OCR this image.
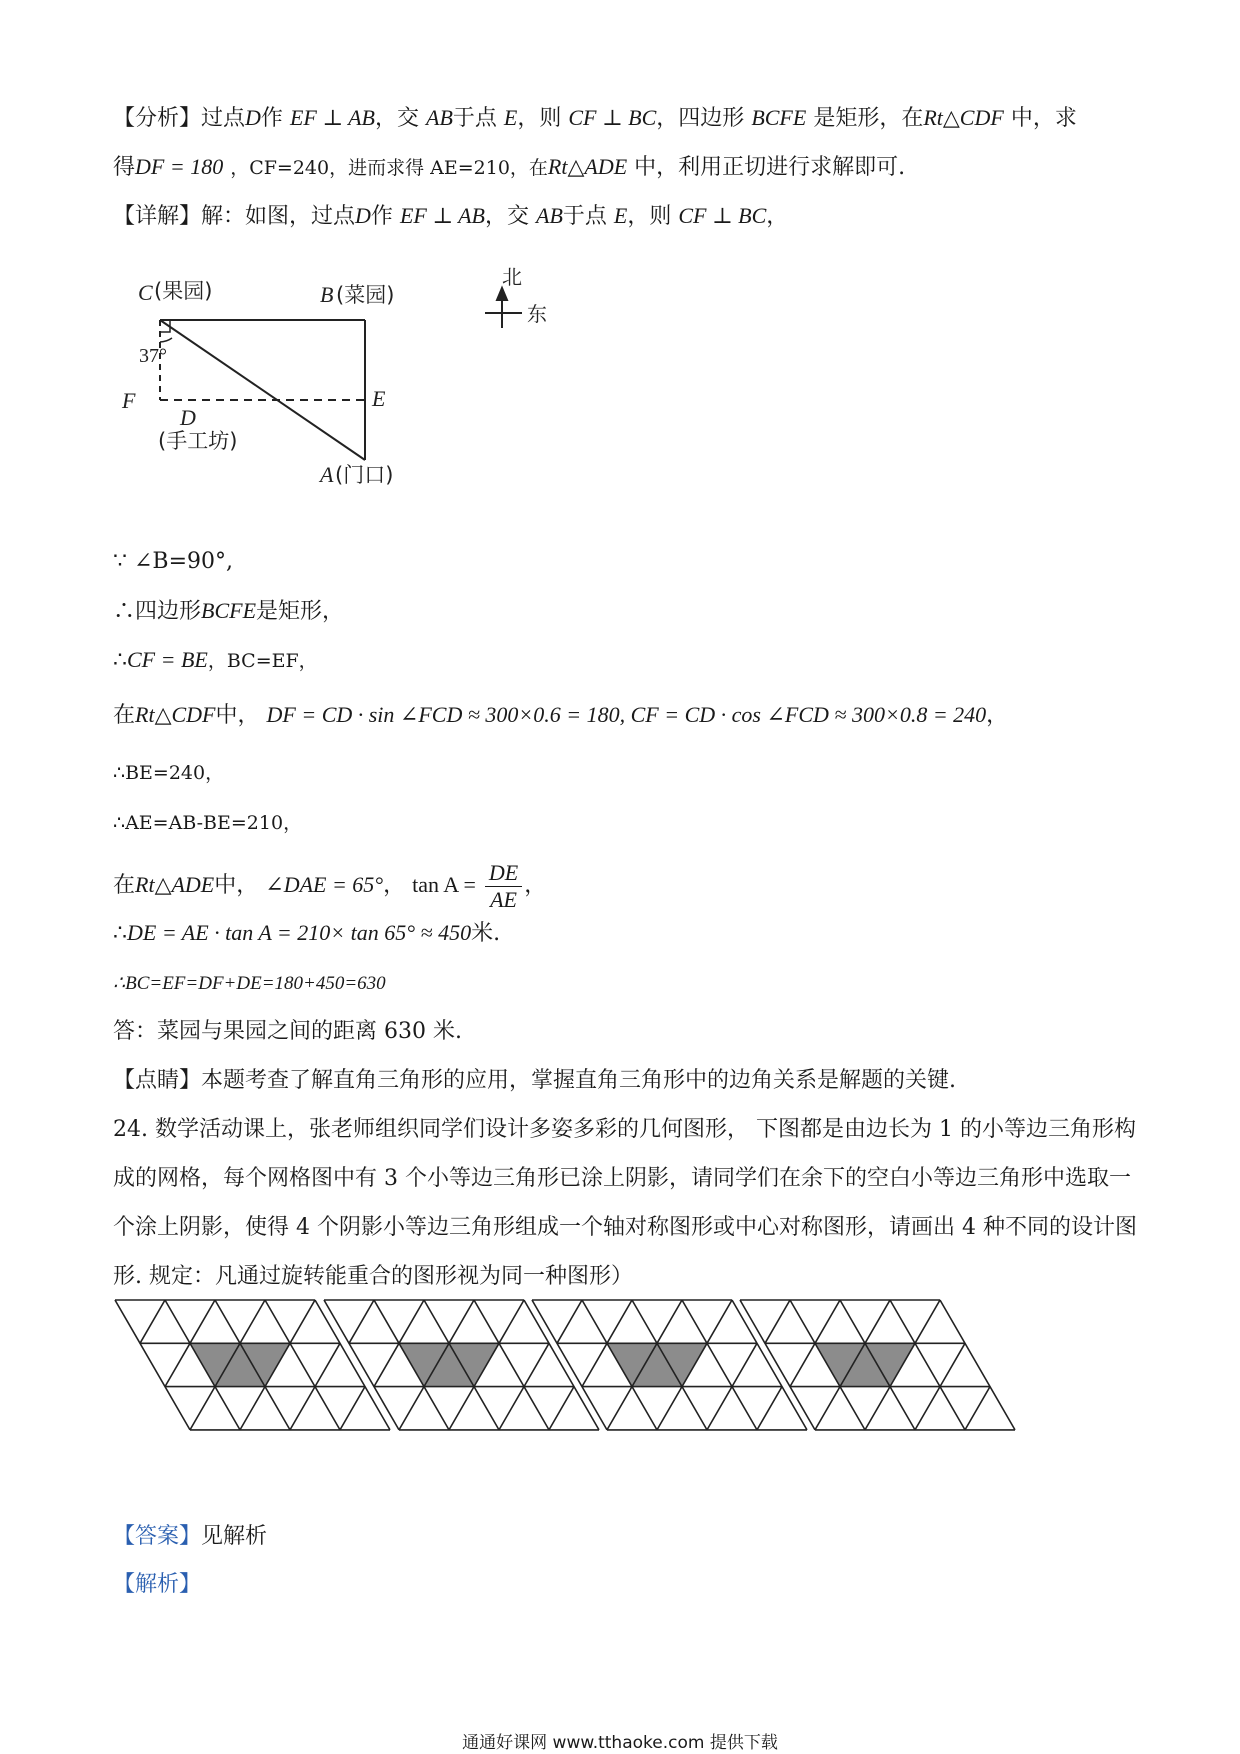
【分析】过点D作 EF ⊥ AB，交 AB于点 E，则 CF ⊥ BC，四边形 BCFE 是矩形，在Rt△CDF 中，求
得DF = 180 ，CF=240，进而求得 AE=210，在Rt△ADE 中，利用正切进行求解即可.
【详解】解：如图，过点D作 EF ⊥ AB，交 AB于点 E，则 CF ⊥ BC，
C (果园)	B (菜园)
37°
F
D
(手工坊)
E
A (门口)
北
东
∵ ∠B=90°,
∴四边形BCFE是矩形，
∴CF = BE，BC=EF，
在Rt△CDF中， DF = CD · sin ∠FCD ≈ 300×0.6 = 180, CF = CD · cos ∠FCD ≈ 300×0.8 = 240，
∴BE=240，
∴AE=AB-BE=210，
在Rt△ADE中， ∠DAE = 65°， $\tan A = \frac{DE}{AE}$ ，
∴DE = AE · tan A = 210× tan 65° ≈ 450米.
∴BC=EF=DF+DE=180+450=630
答：菜园与果园之间的距离 630 米.
【点睛】本题考查了解直角三角形的应用，掌握直角三角形中的边角关系是解题的关键.
24. 数学活动课上，张老师组织同学们设计多姿多彩的几何图形， 下图都是由边长为 1 的小等边三角形构
成的网格，每个网格图中有 3 个小等边三角形已涂上阴影，请同学们在余下的空白小等边三角形中选取一
个涂上阴影，使得 4 个阴影小等边三角形组成一个轴对称图形或中心对称图形，请画出 4 种不同的设计图
形. 规定：凡通过旋转能重合的图形视为同一种图形）
【答案】见解析
【解析】
通通好课网 www.tthaoke.com 提供下载
